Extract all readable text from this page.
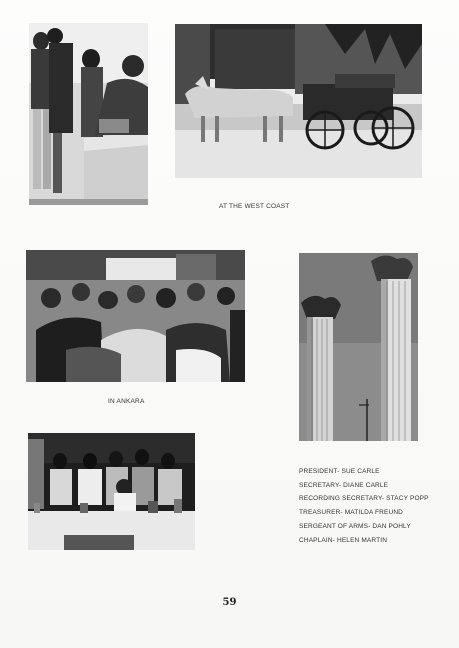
AT THE WEST COAST
IN ANKARA
PRESIDENT- SUE CARLE
SECRETARY- DIANE CARLE
RECORDING SECRETARY- STACY POPP
TREASURER- MATILDA FREUND
SERGEANT OF ARMS- DAN POHLY
CHAPLAIN- HELEN MARTIN
59
